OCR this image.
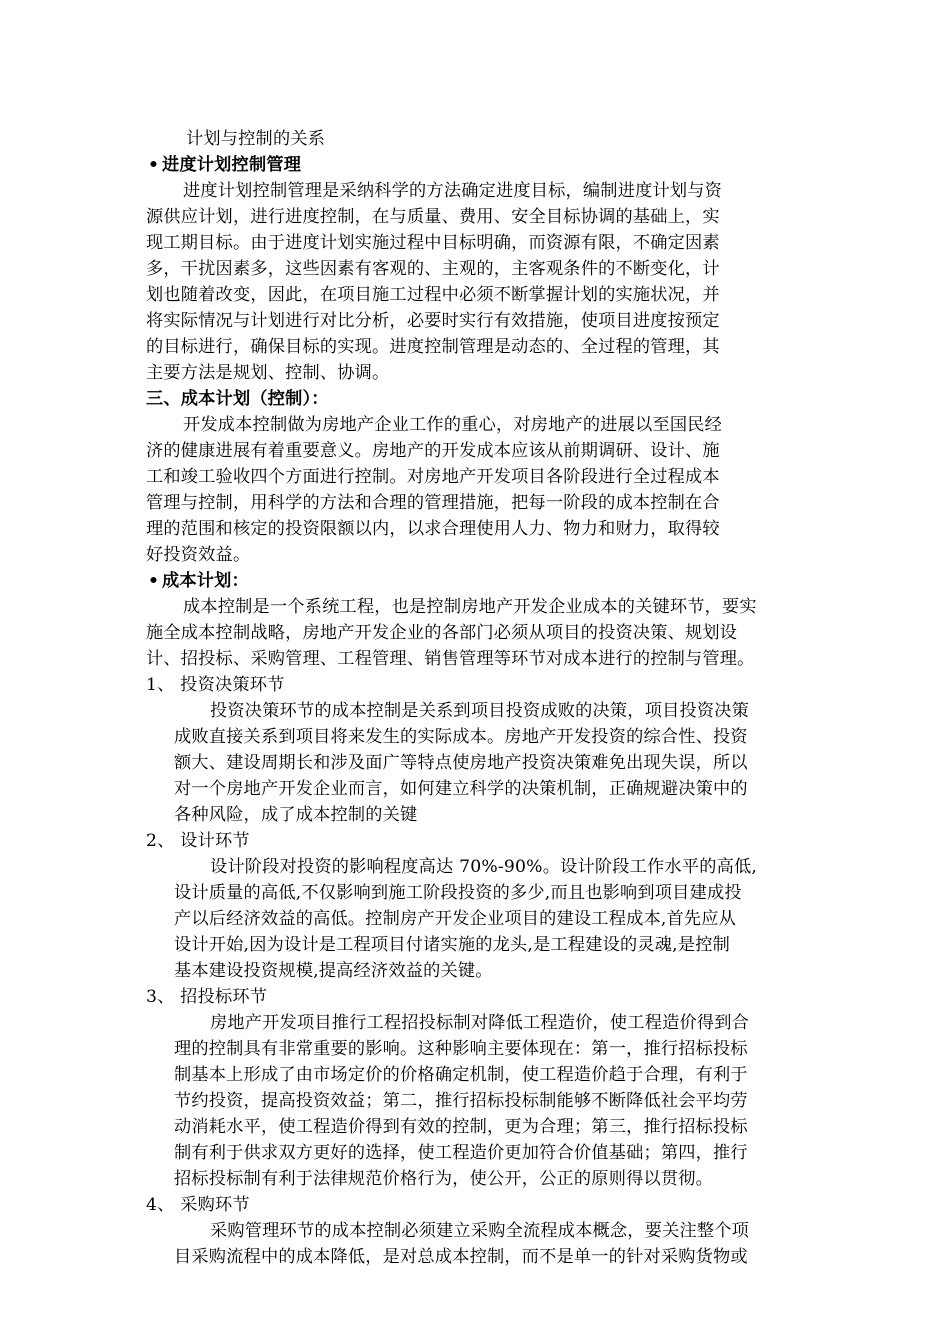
计划与控制的关系
• 进度计划控制管理
进度计划控制管理是采纳科学的方法确定进度目标，编制进度计划与资
源供应计划，进行进度控制，在与质量、费用、安全目标协调的基础上，实
现工期目标。由于进度计划实施过程中目标明确，而资源有限，不确定因素
多，干扰因素多，这些因素有客观的、主观的，主客观条件的不断变化，计
划也随着改变，因此，在项目施工过程中必须不断掌握计划的实施状况，并
将实际情况与计划进行对比分析，必要时实行有效措施，使项目进度按预定
的目标进行，确保目标的实现。进度控制管理是动态的、全过程的管理，其
主要方法是规划、控制、协调。
三、成本计划（控制）：
开发成本控制做为房地产企业工作的重心，对房地产的进展以至国民经
济的健康进展有着重要意义。房地产的开发成本应该从前期调研、设计、施
工和竣工验收四个方面进行控制。对房地产开发项目各阶段进行全过程成本
管理与控制，用科学的方法和合理的管理措施，把每一阶段的成本控制在合
理的范围和核定的投资限额以内，以求合理使用人力、物力和财力，取得较
好投资效益。
• 成本计划：
成本控制是一个系统工程，也是控制房地产开发企业成本的关键环节，要实
施全成本控制战略，房地产开发企业的各部门必须从项目的投资决策、规划设
计、招投标、采购管理、工程管理、销售管理等环节对成本进行的控制与管理。
1、 投资决策环节
投资决策环节的成本控制是关系到项目投资成败的决策，项目投资决策
成败直接关系到项目将来发生的实际成本。房地产开发投资的综合性、投资
额大、建设周期长和涉及面广等特点使房地产投资决策难免出现失误，所以
对一个房地产开发企业而言，如何建立科学的决策机制，正确规避决策中的
各种风险，成了成本控制的关键
2、 设计环节
设计阶段对投资的影响程度高达 70%-90%。设计阶段工作水平的高低,
设计质量的高低,不仅影响到施工阶段投资的多少,而且也影响到项目建成投
产以后经济效益的高低。控制房产开发企业项目的建设工程成本,首先应从
设计开始,因为设计是工程项目付诸实施的龙头,是工程建设的灵魂,是控制
基本建设投资规模,提高经济效益的关键。
3、 招投标环节
房地产开发项目推行工程招投标制对降低工程造价，使工程造价得到合
理的控制具有非常重要的影响。这种影响主要体现在：第一，推行招标投标
制基本上形成了由市场定价的价格确定机制，使工程造价趋于合理，有利于
节约投资，提高投资效益；第二，推行招标投标制能够不断降低社会平均劳
动消耗水平，使工程造价得到有效的控制，更为合理；第三，推行招标投标
制有利于供求双方更好的选择，使工程造价更加符合价值基础；第四，推行
招标投标制有利于法律规范价格行为，使公开，公正的原则得以贯彻。
4、 采购环节
采购管理环节的成本控制必须建立采购全流程成本概念，要关注整个项
目采购流程中的成本降低，是对总成本控制，而不是单一的针对采购货物或
